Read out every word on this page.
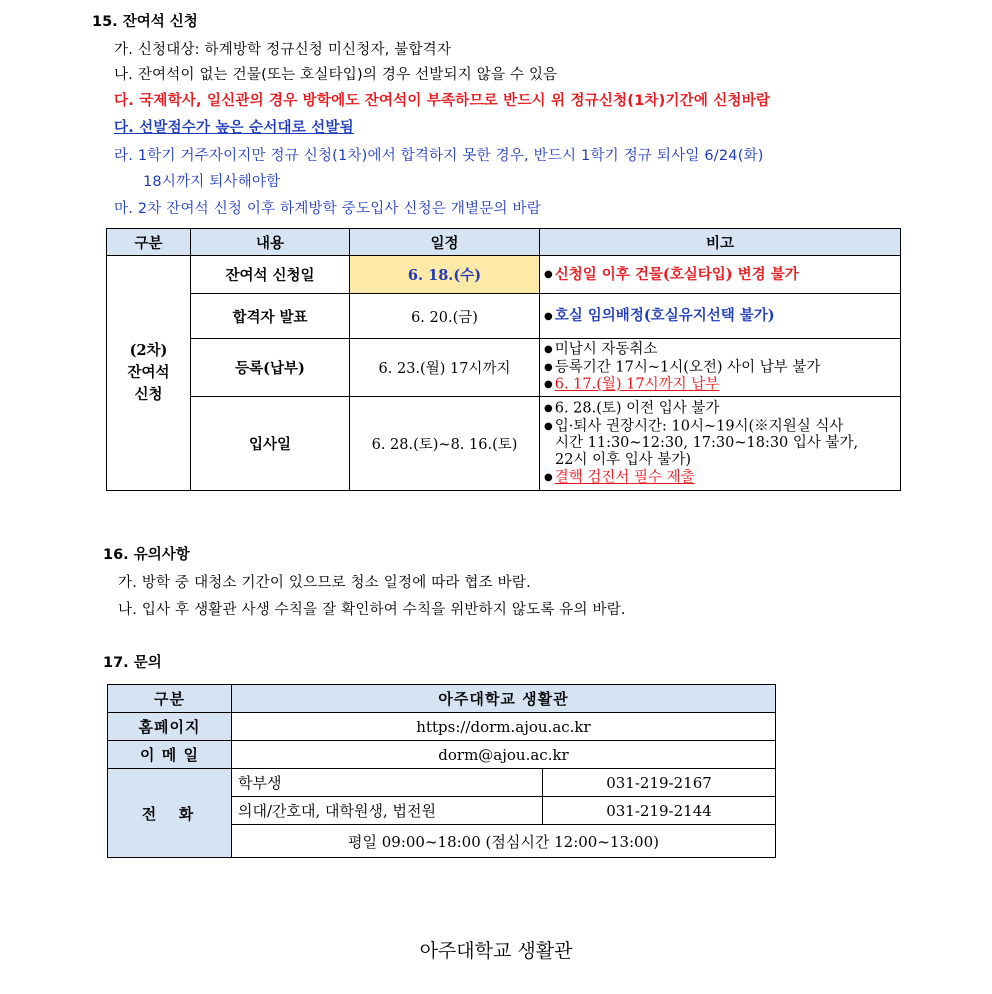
15. 잔여석 신청
가. 신청대상: 하계방학 정규신청 미신청자, 불합격자
나. 잔여석이 없는 건물(또는 호실타입)의 경우 선발되지 않을 수 있음
다. 국제학사, 일신관의 경우 방학에도 잔여석이 부족하므로 반드시 위 정규신청(1차)기간에 신청바람
다. 선발점수가 높은 순서대로 선발됨
라. 1학기 거주자이지만 정규 신청(1차)에서 합격하지 못한 경우, 반드시 1학기 정규 퇴사일 6/24(화)
18시까지 퇴사해야함
마. 2차 잔여석 신청 이후 하계방학 중도입사 신청은 개별문의 바람
구분	내용	일정	비고

(2차)
잔여석
신청	잔여석 신청일	6. 18.(수)	● 신청일 이후 건물(호실타입) 변경 불가
	합격자 발표	6. 20.(금)	● 호실 임의배정(호실유지선택 불가)
	등록(납부)	6. 23.(월) 17시까지	● 미납시 자동취소
● 등록기간 17시~1시(오전) 사이 납부 불가
● 6. 17.(월) 17시까지 납부

	입사일	6. 28.(토)~8. 16.(토)	● 6. 28.(토) 이전 입사 불가
● 입·퇴사 권장시간: 10시~19시(※지원실 식사
시간 11:30~12:30, 17:30~18:30 입사 불가,
22시 이후 입사 불가)
● 결핵 검진서 필수 제출
16. 유의사항
가. 방학 중 대청소 기간이 있으므로 청소 일정에 따라 협조 바람.
나. 입사 후 생활관 사생 수칙을 잘 확인하여 수칙을 위반하지 않도록 유의 바람.
17. 문의
구분	아주대학교 생활관	
홈페이지	https://dorm.ajou.ac.kr	
이 메 일	dorm@ajou.ac.kr	
전  화	학부생	031-219-2167
	의대/간호대, 대학원생, 법전원	031-219-2144
	평일 09:00~18:00 (점심시간 12:00~13:00)	
아주대학교 생활관
